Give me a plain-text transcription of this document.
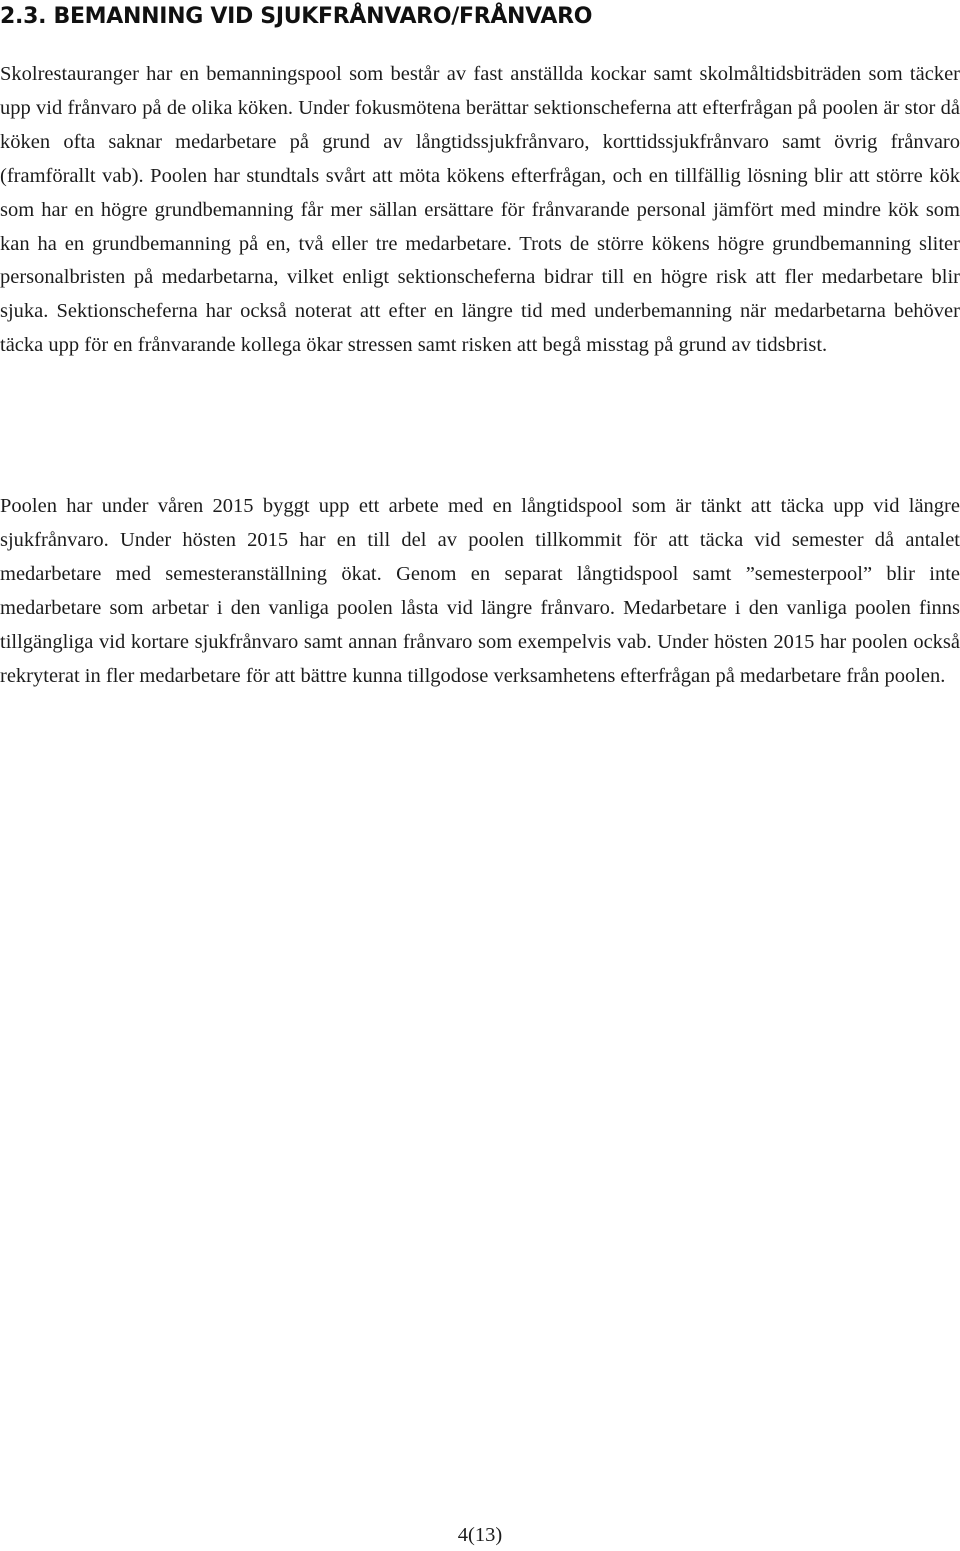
2.3. BEMANNING VID SJUKFRÅNVARO/FRÅNVARO

Skolrestauranger har en bemanningspool som består av fast anställda kockar samt skolmåltidsbiträden som täcker upp vid frånvaro på de olika köken. Under fokusmötena berättar sektionscheferna att efterfrågan på poolen är stor då köken ofta saknar medarbetare på grund av långtidssjukfrånvaro, korttidssjukfrånvaro samt övrig frånvaro (framförallt vab). Poolen har stundtals svårt att möta kökens efterfrågan, och en tillfällig lösning blir att större kök som har en högre grundbemanning får mer sällan ersättare för frånvarande personal jämfört med mindre kök som kan ha en grundbemanning på en, två eller tre medarbetare. Trots de större kökens högre grundbemanning sliter personalbristen på medarbetarna, vilket enligt sektionscheferna bidrar till en högre risk att fler medarbetare blir sjuka. Sektionscheferna har också noterat att efter en längre tid med underbemanning när medarbetarna behöver täcka upp för en frånvarande kollega ökar stressen samt risken att begå misstag på grund av tidsbrist.

Poolen har under våren 2015 byggt upp ett arbete med en långtidspool som är tänkt att täcka upp vid längre sjukfrånvaro. Under hösten 2015 har en till del av poolen tillkommit för att täcka vid semester då antalet medarbetare med semesteranställning ökat. Genom en separat långtidspool samt ”semesterpool” blir inte medarbetare som arbetar i den vanliga poolen låsta vid längre frånvaro. Medarbetare i den vanliga poolen finns tillgängliga vid kortare sjukfrånvaro samt annan frånvaro som exempelvis vab. Under hösten 2015 har poolen också rekryterat in fler medarbetare för att bättre kunna tillgodose verksamhetens efterfrågan på medarbetare från poolen.

4(13)
